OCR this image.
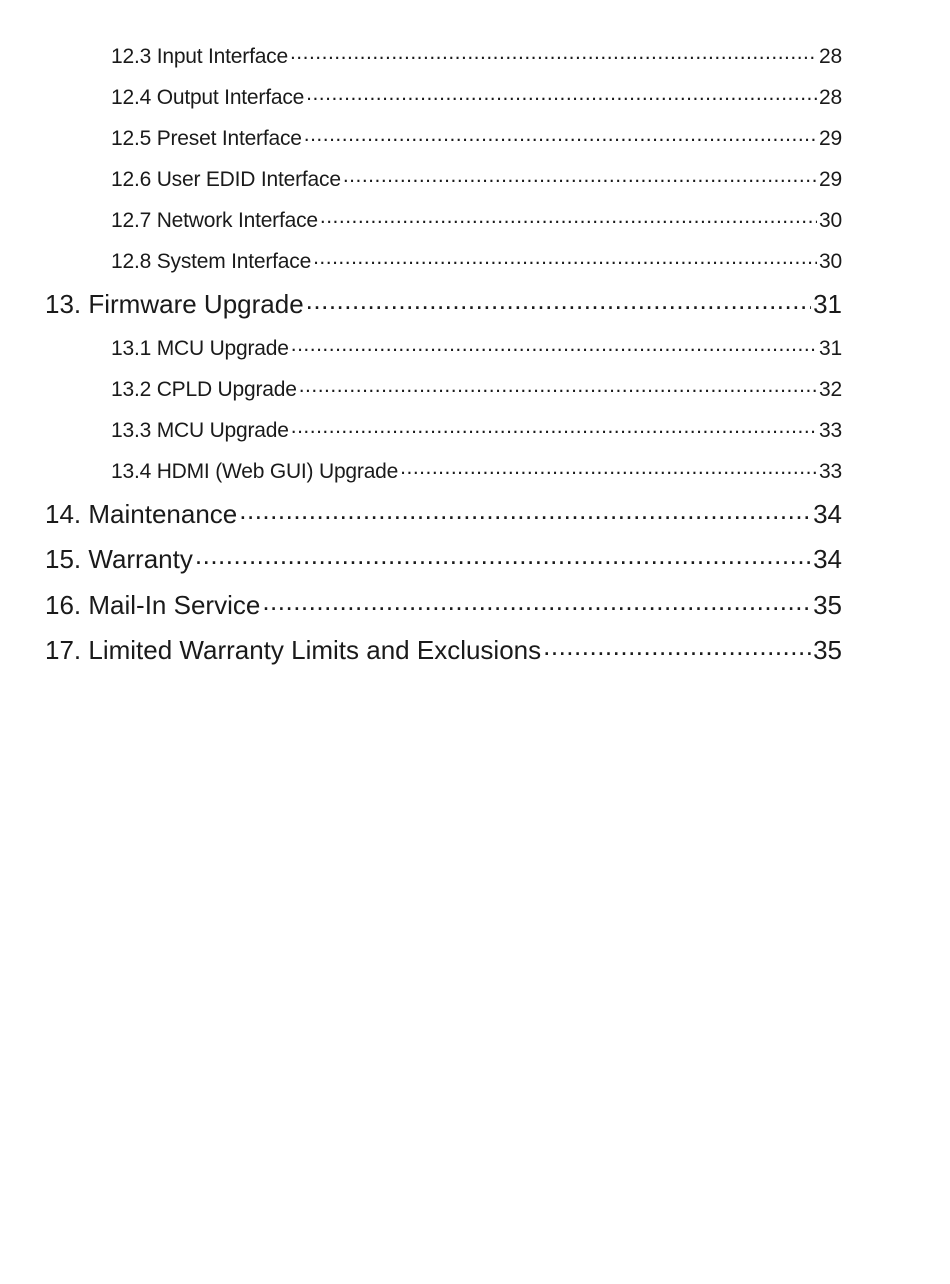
12.3 Input Interface .....	28
12.4 Output Interface .....	28
12.5 Preset Interface .....	29
12.6 User EDID Interface .....	29
12.7 Network Interface .....	30
12.8 System Interface .....	30
13. Firmware Upgrade .....	31
13.1 MCU Upgrade .....	31
13.2 CPLD Upgrade .....	32
13.3 MCU Upgrade .....	33
13.4 HDMI (Web GUI) Upgrade .....	33
14. Maintenance .....	34
15. Warranty .....	34
16. Mail-In Service .....	35
17. Limited Warranty Limits and Exclusions .....	35
